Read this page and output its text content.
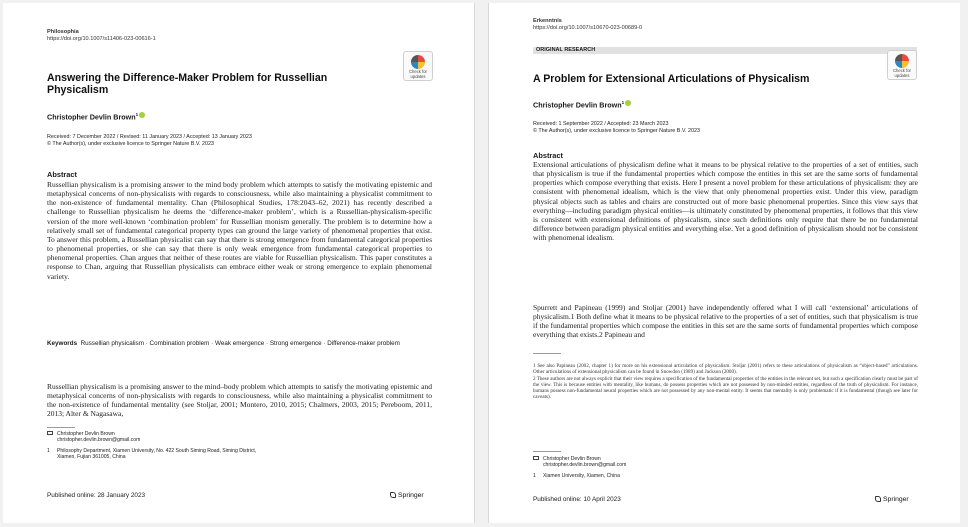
Philosophia
https://doi.org/10.1007/s11406-023-00616-1
Check for updates
Answering the Difference-Maker Problem for Russellian Physicalism
Christopher Devlin Brown$^1$
Received: 7 December 2022 / Revised: 11 January 2023 / Accepted: 13 January 2023
© The Author(s), under exclusive licence to Springer Nature B.V. 2023
Abstract
Russellian physicalism is a promising answer to the mind body problem which attempts to satisfy the motivating epistemic and metaphysical concerns of non-physicalists with regards to consciousness, while also maintaining a physicalist commitment to the non-existence of fundamental mentality. Chan (Philosophical Studies, 178:2043–62, 2021) has recently described a challenge to Russellian physicalism he deems the ‘difference-maker problem’, which is a Russellian-physicalism-specific version of the more well-known ‘combination problem’ for Russellian monism generally. The problem is to determine how a relatively small set of fundamental categorical property types can ground the large variety of phenomenal properties that exist. To answer this problem, a Russellian physicalist can say that there is strong emergence from fundamental categorical properties to phenomenal properties, or she can say that there is only weak emergence from fundamental categorical properties to phenomenal properties. Chan argues that neither of these routes are viable for Russellian physicalism. This paper constitutes a response to Chan, arguing that Russellian physicalists can embrace either weak or strong emergence to explain phenomenal variety.
Keywords Russellian physicalism · Combination problem · Weak emergence · Strong emergence · Difference-maker problem
Russellian physicalism is a promising answer to the mind–body problem which attempts to satisfy the motivating epistemic and metaphysical concerns of non-physicalists with regards to consciousness, while also maintaining a physicalist commitment to the non-existence of fundamental mentality (see Stoljar, 2001; Montero, 2010, 2015; Chalmers, 2003, 2015; Pereboom, 2011, 2013; Alter & Nagasawa,
Christopher Devlin Brown
christopher.devlin.brown@gmail.com
1	Philosophy Department, Xiamen University, No. 422 South Siming Road, Siming District,
Xiamen, Fujian 361005, China
Published online: 28 January 2023	Springer
Erkenntnis
https://doi.org/10.1007/s10670-023-00689-0
ORIGINAL RESEARCH
Check for updates
A Problem for Extensional Articulations of Physicalism
Christopher Devlin Brown$^1$
Received: 1 September 2022 / Accepted: 23 March 2023
© The Author(s), under exclusive licence to Springer Nature B.V. 2023
Abstract
Extensional articulations of physicalism define what it means to be physical relative to the properties of a set of entities, such that physicalism is true if the fundamental properties which compose the entities in this set are the same sorts of fundamental properties which compose everything that exists. Here I present a novel problem for these articulations of physicalism: they are consistent with phenomenal idealism, which is the view that only phenomenal properties exist. Under this view, paradigm physical objects such as tables and chairs are constructed out of more basic phenomenal properties. Since this view says that everything—including paradigm physical entities—is ultimately constituted by phenomenal properties, it follows that this view is consistent with extensional definitions of physicalism, since such definitions only require that there be no fundamental difference between paradigm physical entities and everything else. Yet a good definition of physicalism should not be consistent with phenomenal idealism.
Spurrett and Papineau (1999) and Stoljar (2001) have independently offered what I will call ‘extensional’ articulations of physicalism.1 Both define what it means to be physical relative to the properties of a set of entities, such that physicalism is true if the fundamental properties which compose the entities in this set are the same sorts of fundamental properties which compose everything that exists.2 Papineau and

1 See also Papineau (2002, chapter 1) for more on his extensional articulation of physicalism. Stoljar (2001) refers to these articulations of physicalism as “object-based” articulations. Other articulations of extensional physicalism can be found in Snowdon (1989) and Jackson (2000).

2 These authors are not always explicit that their view requires a specification of the fundamental properties of the entities in the relevant set, but such a specification clearly must be part of the view. This is because entities with mentality, like humans, do possess properties which are not possessed by non-minded entities, regardless of the truth of physicalism. For instance, humans possess non-fundamental neural properties which are not possessed by any non-mental entity. It seems that mentality is only problematic if it is fundamental (though see later for caveats).

Christopher Devlin Brown
christopher.devlin.brown@gmail.com
1	Xiamen University, Xiamen, China
Published online: 10 April 2023	Springer
